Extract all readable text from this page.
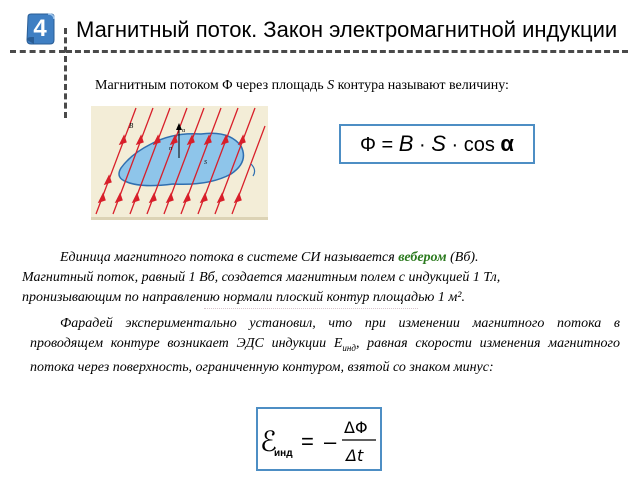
4	Магнитный поток. Закон электромагнитной индукции
Магнитным потоком Φ через площадь S контура называют величину:
B
α
n
S
Φ = B · S · cos α
Единица магнитного потока в системе СИ называется вебером (Вб).
Магнитный поток, равный 1 Вб, создается магнитным полем с индукцией 1 Тл,
пронизывающим по направлению нормали плоский контур площадью 1 м².
Фарадей экспериментально установил, что при изменении магнитного потока в проводящем контуре возникает ЭДС индукции $E_{инд}$, равная скорости изменения магнитного потока через поверхность, ограниченную контуром, взятой со знаком минус:
ℰ
инд = –
ΔΦ
Δt
